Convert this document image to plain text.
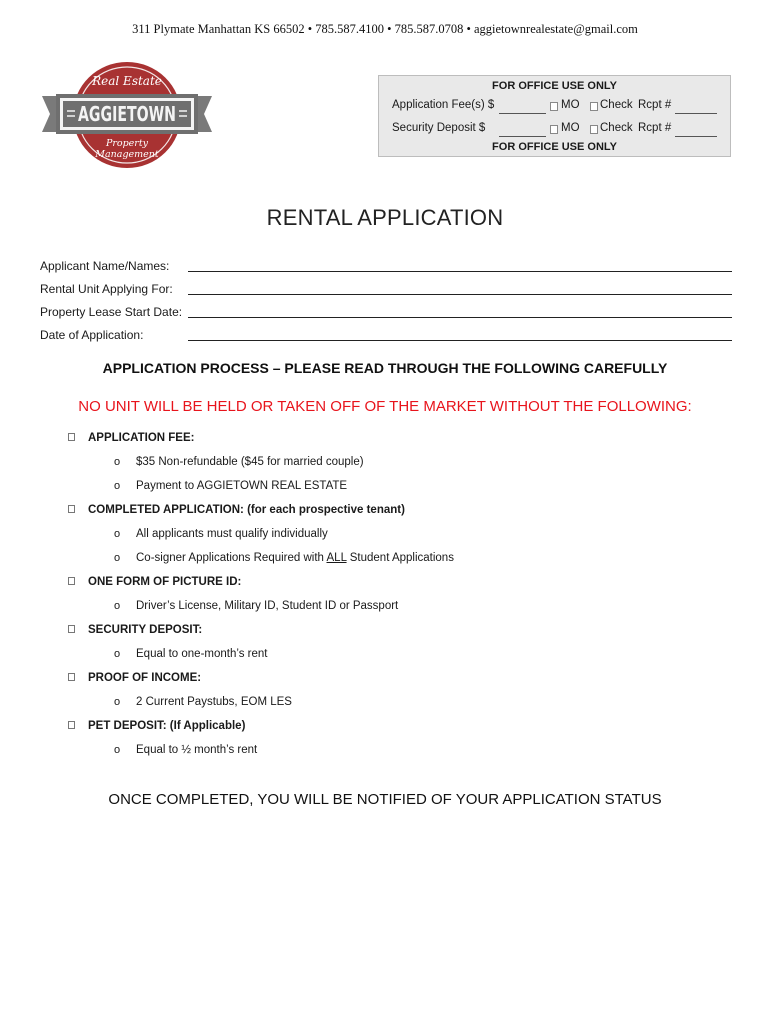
311 Plymate Manhattan KS 66502 • 785.587.4100 • 785.587.0708 • aggietownrealestate@gmail.com
AGGIETOWN
Real Estate
Property
Management
FOR OFFICE USE ONLY
Application Fee(s) $	MO Check Rcpt #
Security Deposit $	MO Check Rcpt #
FOR OFFICE USE ONLY
RENTAL APPLICATION
Applicant Name/Names:
Rental Unit Applying For:
Property Lease Start Date:
Date of Application:
APPLICATION PROCESS – PLEASE READ THROUGH THE FOLLOWING CAREFULLY
NO UNIT WILL BE HELD OR TAKEN OFF OF THE MARKET WITHOUT THE FOLLOWING:
APPLICATION FEE:
o $35 Non-refundable ($45 for married couple)
o Payment to AGGIETOWN REAL ESTATE
COMPLETED APPLICATION: (for each prospective tenant)
o All applicants must qualify individually
o Co-signer Applications Required with ALL Student Applications
ONE FORM OF PICTURE ID:
o Driver’s License, Military ID, Student ID or Passport
SECURITY DEPOSIT:
o Equal to one-month’s rent
PROOF OF INCOME:
o 2 Current Paystubs, EOM LES
PET DEPOSIT: (If Applicable)
o Equal to ½ month’s rent
ONCE COMPLETED, YOU WILL BE NOTIFIED OF YOUR APPLICATION STATUS
